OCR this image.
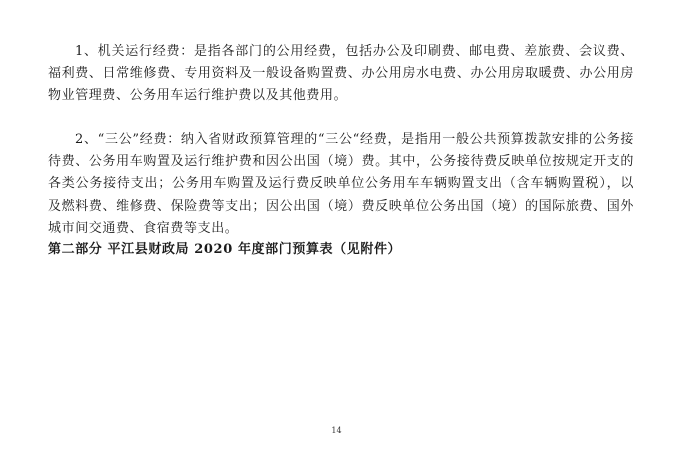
1、机关运行经费：是指各部门的公用经费，包括办公及印刷费、邮电费、差旅费、会议费、福利费、日常维修费、专用资料及一般设备购置费、办公用房水电费、办公用房取暖费、办公用房物业管理费、公务用车运行维护费以及其他费用。

2、“三公”经费：纳入省财政预算管理的“三公“经费，是指用一般公共预算拨款安排的公务接待费、公务用车购置及运行维护费和因公出国（境）费。其中，公务接待费反映单位按规定开支的各类公务接待支出；公务用车购置及运行费反映单位公务用车车辆购置支出（含车辆购置税），以及燃料费、维修费、保险费等支出；因公出国（境）费反映单位公务出国（境）的国际旅费、国外城市间交通费、食宿费等支出。

第二部分 平江县财政局 2020 年度部门预算表（见附件）

14
